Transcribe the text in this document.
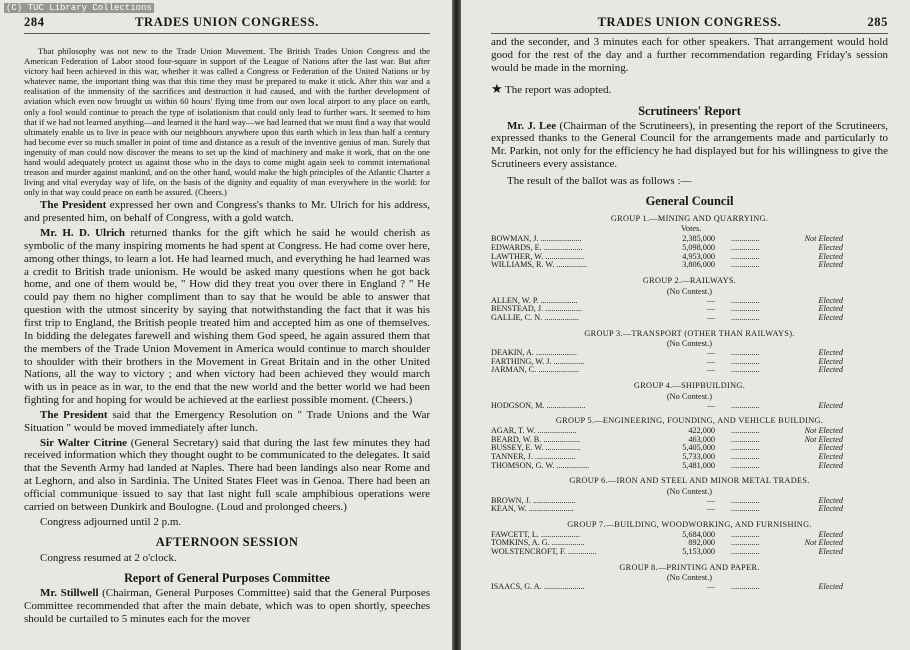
(C) TUC Library Collections
284	TRADES UNION CONGRESS.

That philosophy was not new to the Trade Union Movement. The British Trades Union Congress and the American Federation of Labor stood four-square in support of the League of Nations after the last war. But after victory had been achieved in this war, whether it was called a Congress or Federation of the United Nations or by whatever name, the important thing was that this time they must be prepared to make it stick. After this war and a realisation of the immensity of the sacrifices and destruction it had caused, and with the further development of aviation which even now brought us within 60 hours' flying time from our own local airport to any place on earth, only a fool would continue to preach the type of isolationism that could only lead to further wars. It seemed to him that if we had not learned anything—and learned it the hard way—we had learned that we must find a way that would ultimately enable us to live in peace with our neighbours anywhere upon this earth which in less than half a century had become ever so much smaller in point of time and distance as a result of the inventive genius of man. Surely that ingenuity of man could now discover the means to set up the kind of machinery and make it work, that on the one hand would adequately protect us against those who in the days to come might again seek to commit international treason and murder against mankind, and on the other hand, would make the high principles of the Atlantic Charter a living and vital everyday way of life, on the basis of the dignity and equality of man everywhere in the world: for only in that way could peace on earth be assured. (Cheers.)

The President expressed her own and Congress's thanks to Mr. Ulrich for his address, and presented him, on behalf of Congress, with a gold watch.

Mr. H. D. Ulrich returned thanks for the gift which he said he would cherish as symbolic of the many inspiring moments he had spent at Congress. He had come over here, among other things, to learn a lot. He had learned much, and everything he had learned was a credit to British trade unionism. He would be asked many questions when he got back home, and one of them would be, " How did they treat you over there in England ? " He could pay them no higher compliment than to say that he would be able to answer that question with the utmost sincerity by saying that notwithstanding the fact that it was his first trip to England, the British people treated him and accepted him as one of themselves. In bidding the delegates farewell and wishing them God speed, he again assured them that the members of the Trade Union Movement in America would continue to march shoulder to shoulder with their brothers in the Movement in Great Britain and in the other United Nations, all the way to victory ; and when victory had been achieved they would march with us in peace as in war, to the end that the new world and the better world we had been fighting for and hoping for would be achieved at the earliest possible moment. (Cheers.)

The President said that the Emergency Resolution on " Trade Unions and the War Situation " would be moved immediately after lunch.

Sir Walter Citrine (General Secretary) said that during the last few minutes they had received information which they thought ought to be communicated to the delegates. It said that the Seventh Army had landed at Naples. There had been landings also near Rome and at Leghorn, and also in Sardinia. The United States Fleet was in Genoa. There had been an official communique issued to say that last night full scale amphibious operations were carried on between Dunkirk and Boulogne. (Loud and prolonged cheers.)

Congress adjourned until 2 p.m.

AFTERNOON SESSION

Congress resumed at 2 o'clock.

Report of General Purposes Committee

Mr. Stillwell (Chairman, General Purposes Committee) said that the General Purposes Committee recommended that after the main debate, which was to open shortly, speeches should be curtailed to 5 minutes each for the mover

TRADES UNION CONGRESS.	285

and the seconder, and 3 minutes each for other speakers. That arrangement would hold good for the rest of the day and a further recommendation regarding Friday's session would be made in the morning.

★ The report was adopted.
Scrutineers' Report

Mr. J. Lee (Chairman of the Scrutineers), in presenting the report of the Scrutineers, expressed thanks to the General Council for the arrangements made and particularly to Mr. Parkin, not only for the efficiency he had displayed but for his willingness to give the Scrutineers every assistance.

The result of the ballot was as follows :—

General Council
GROUP 1.—MINING AND QUARRYING.
Votes.
BOWMAN, J. ....................	2,385,000 ..............	Not Elected
EDWARDS, E. ...................	5,098,000 ..............	Elected
LAWTHER, W. ...................	4,953,000 ..............	Elected
WILLIAMS, R. W. ...............	3,806,000 ..............	Elected
GROUP 2.—RAILWAYS.
(No Contest.)
ALLEN, W. P. ..................	— ..............	Elected
BENSTEAD, J. ..................	— ..............	Elected
GALLIE, C. N. .................	— ..............	Elected
GROUP 3.—TRANSPORT (OTHER THAN RAILWAYS).
(No Contest.)
DEAKIN, A. ....................	— ..............	Elected
FARTHING, W. J. ...............	— ..............	Elected
JARMAN, C. ....................	— ..............	Elected
GROUP 4.—SHIPBUILDING.
(No Contest.)
HODGSON, M. ...................	— ..............	Elected
GROUP 5.—ENGINEERING, FOUNDING, AND VEHICLE BUILDING.
AGAR, T. W. ...................	422,000 ..............	Not Elected
BEARD, W. B. ..................	463,000 ..............	Not Elected
BUSSEY, E. W. .................	5,405,000 ..............	Elected
TANNER, J. ....................	5,733,000 ..............	Elected
THOMSON, G. W. ................	5,481,000 ..............	Elected
GROUP 6.—IRON AND STEEL AND MINOR METAL TRADES.
(No Contest.)
BROWN, J. .....................	— ..............	Elected
KEAN, W. ......................	— ..............	Elected
GROUP 7.—BUILDING, WOODWORKING, AND FURNISHING.
FAWCETT, L. ...................	5,684,000 ..............	Elected
TOMKINS, A. G. ................	892,000 ..............	Not Elected
WOLSTENCROFT, F. ..............	5,153,000 ..............	Elected
GROUP 8.—PRINTING AND PAPER.
(No Contest.)
ISAACS, G. A. ....................	— ..............	Elected
